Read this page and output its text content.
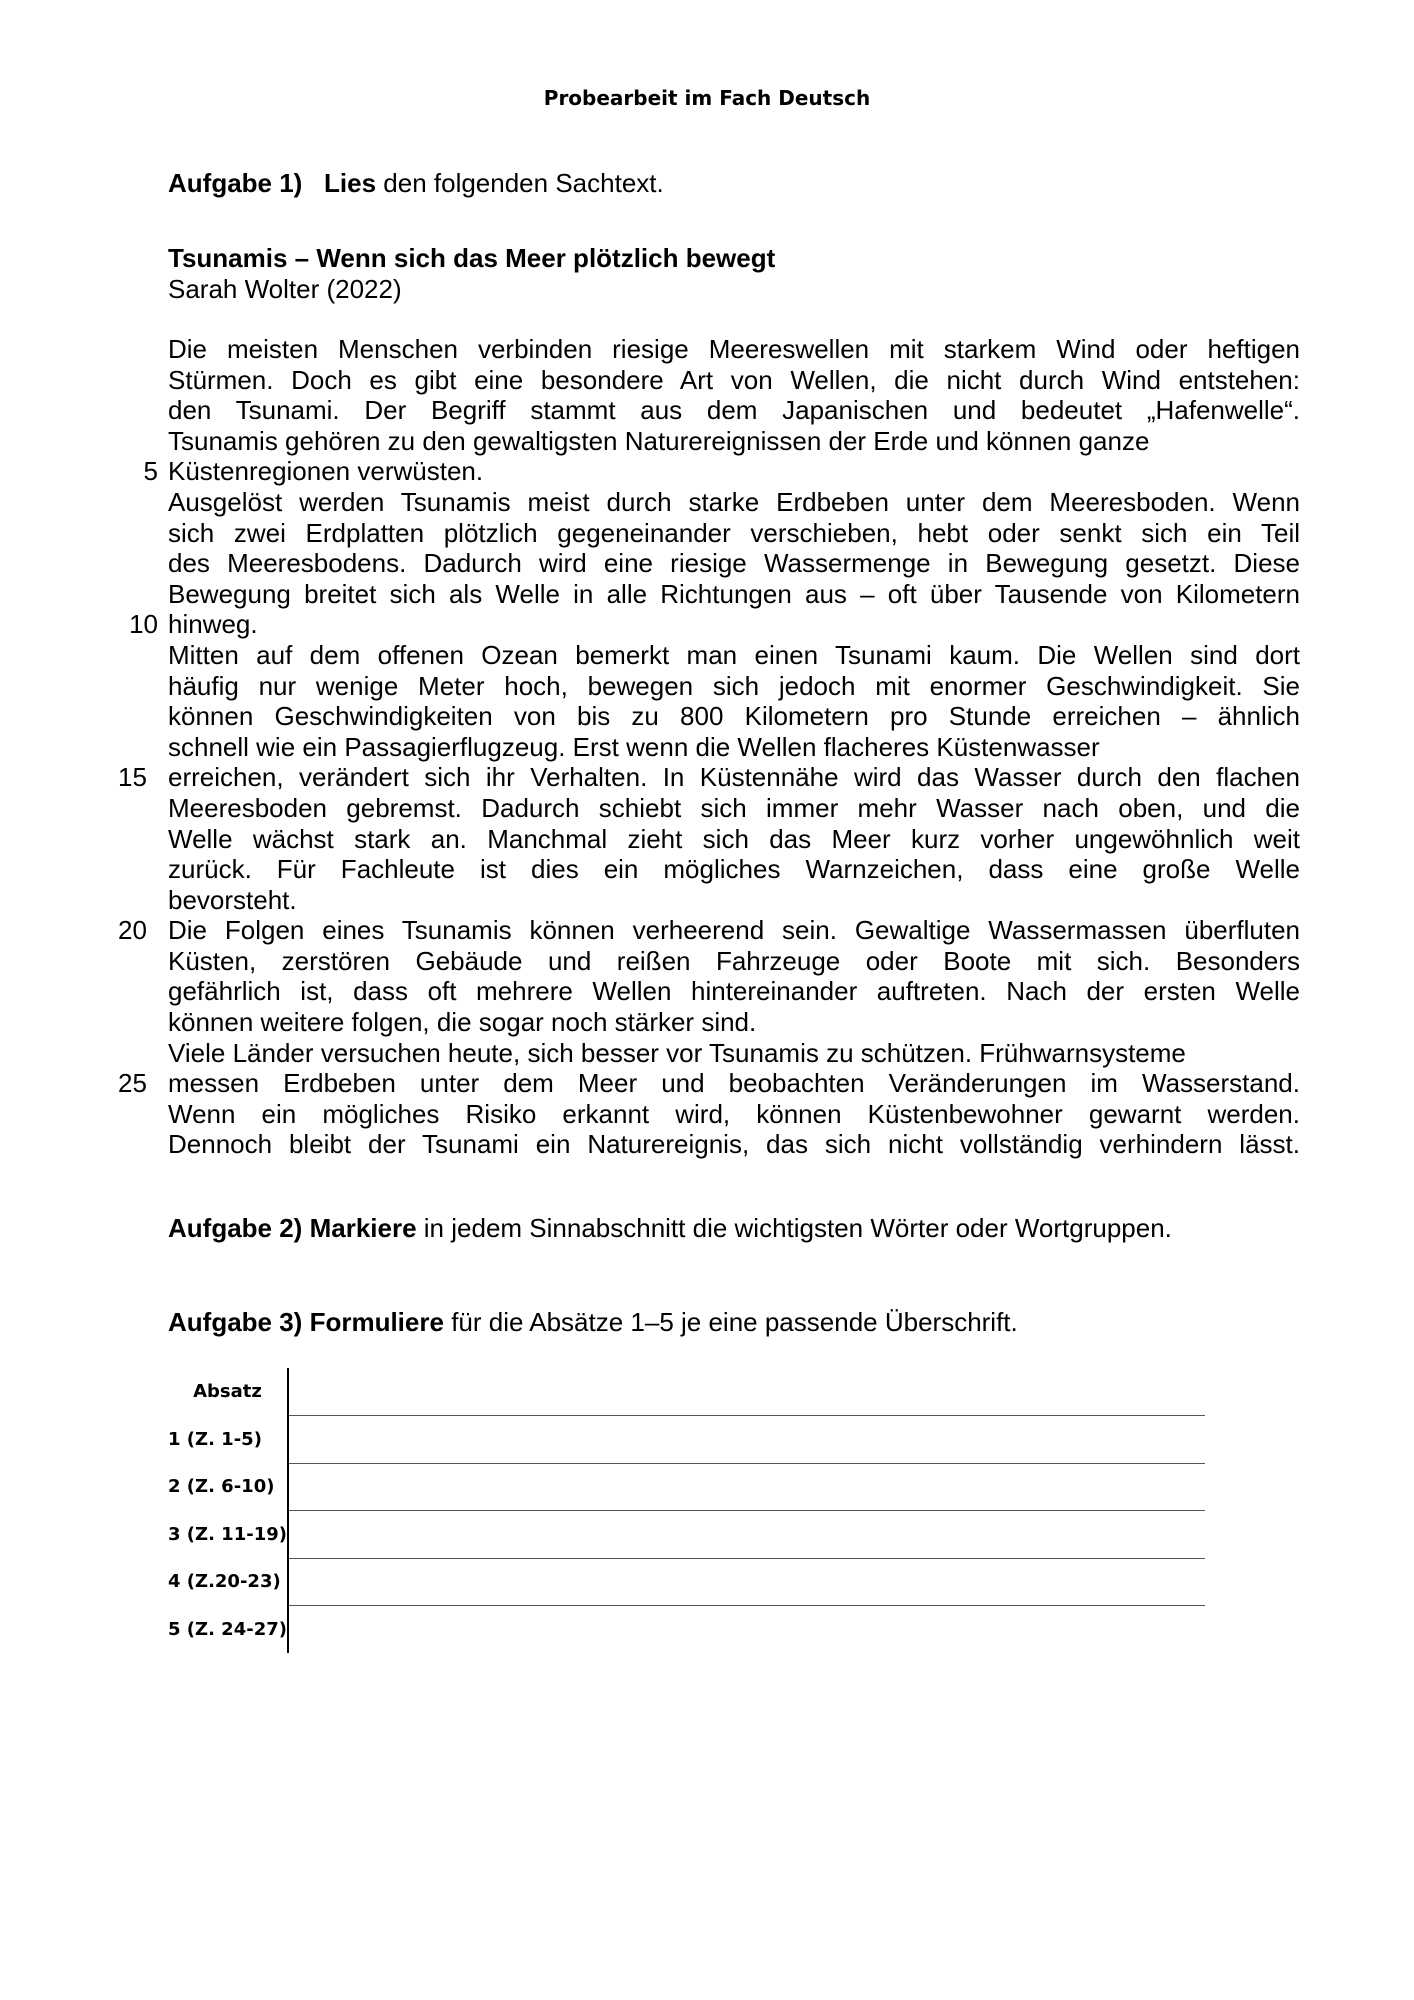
Probearbeit im Fach Deutsch
Aufgabe 1) Lies den folgenden Sachtext.
Tsunamis – Wenn sich das Meer plötzlich bewegt
Sarah Wolter (2022)
Die meisten Menschen verbinden riesige Meereswellen mit starkem Wind oder heftigen
Stürmen. Doch es gibt eine besondere Art von Wellen, die nicht durch Wind entstehen:
den Tsunami. Der Begriff stammt aus dem Japanischen und bedeutet „Hafenwelle“.
Tsunamis gehören zu den gewaltigsten Naturereignissen der Erde und können ganze
5 Küstenregionen verwüsten.
Ausgelöst werden Tsunamis meist durch starke Erdbeben unter dem Meeresboden. Wenn
sich zwei Erdplatten plötzlich gegeneinander verschieben, hebt oder senkt sich ein Teil
des Meeresbodens. Dadurch wird eine riesige Wassermenge in Bewegung gesetzt. Diese
Bewegung breitet sich als Welle in alle Richtungen aus – oft über Tausende von Kilometern
10 hinweg.
Mitten auf dem offenen Ozean bemerkt man einen Tsunami kaum. Die Wellen sind dort
häufig nur wenige Meter hoch, bewegen sich jedoch mit enormer Geschwindigkeit. Sie
können Geschwindigkeiten von bis zu 800 Kilometern pro Stunde erreichen – ähnlich
schnell wie ein Passagierflugzeug. Erst wenn die Wellen flacheres Küstenwasser
15 erreichen, verändert sich ihr Verhalten. In Küstennähe wird das Wasser durch den flachen
Meeresboden gebremst. Dadurch schiebt sich immer mehr Wasser nach oben, und die
Welle wächst stark an. Manchmal zieht sich das Meer kurz vorher ungewöhnlich weit
zurück. Für Fachleute ist dies ein mögliches Warnzeichen, dass eine große Welle
bevorsteht.
20 Die Folgen eines Tsunamis können verheerend sein. Gewaltige Wassermassen überfluten
Küsten, zerstören Gebäude und reißen Fahrzeuge oder Boote mit sich. Besonders
gefährlich ist, dass oft mehrere Wellen hintereinander auftreten. Nach der ersten Welle
können weitere folgen, die sogar noch stärker sind.
Viele Länder versuchen heute, sich besser vor Tsunamis zu schützen. Frühwarnsysteme
25 messen Erdbeben unter dem Meer und beobachten Veränderungen im Wasserstand.
Wenn ein mögliches Risiko erkannt wird, können Küstenbewohner gewarnt werden.
Dennoch bleibt der Tsunami ein Naturereignis, das sich nicht vollständig verhindern lässt.
Aufgabe 2) Markiere in jedem Sinnabschnitt die wichtigsten Wörter oder Wortgruppen.
Aufgabe 3) Formuliere für die Absätze 1–5 je eine passende Überschrift.
Absatz	
1 (Z. 1-5)	
2 (Z. 6-10)	
3 (Z. 11-19)	
4 (Z.20-23)	
5 (Z. 24-27)	
